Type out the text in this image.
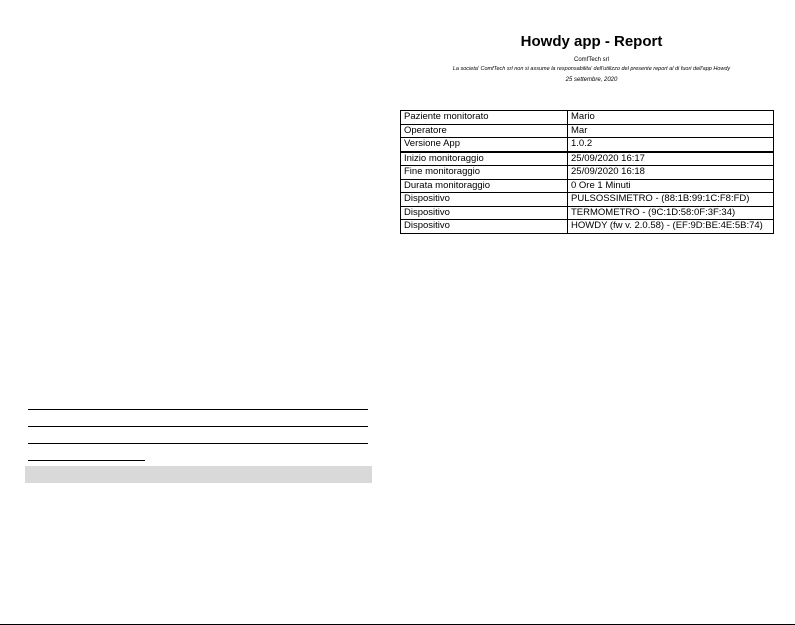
Howdy app - Report
ComfTech srl
La societa' ComfTech srl non si assume la responsabilita' dell'utilizzo del presente report al di fuori dell'app Howdy
25 settembre, 2020
Paziente monitorato	Mario
Operatore	Mar
Versione App	1.0.2
Inizio monitoraggio	25/09/2020 16:17
Fine monitoraggio	25/09/2020 16:18
Durata monitoraggio	0 Ore 1 Minuti
Dispositivo	PULSOSSIMETRO - (88:1B:99:1C:F8:FD)
Dispositivo	TERMOMETRO - (9C:1D:58:0F:3F:34)
Dispositivo	HOWDY (fw v. 2.0.58) - (EF:9D:BE:4E:5B:74)
